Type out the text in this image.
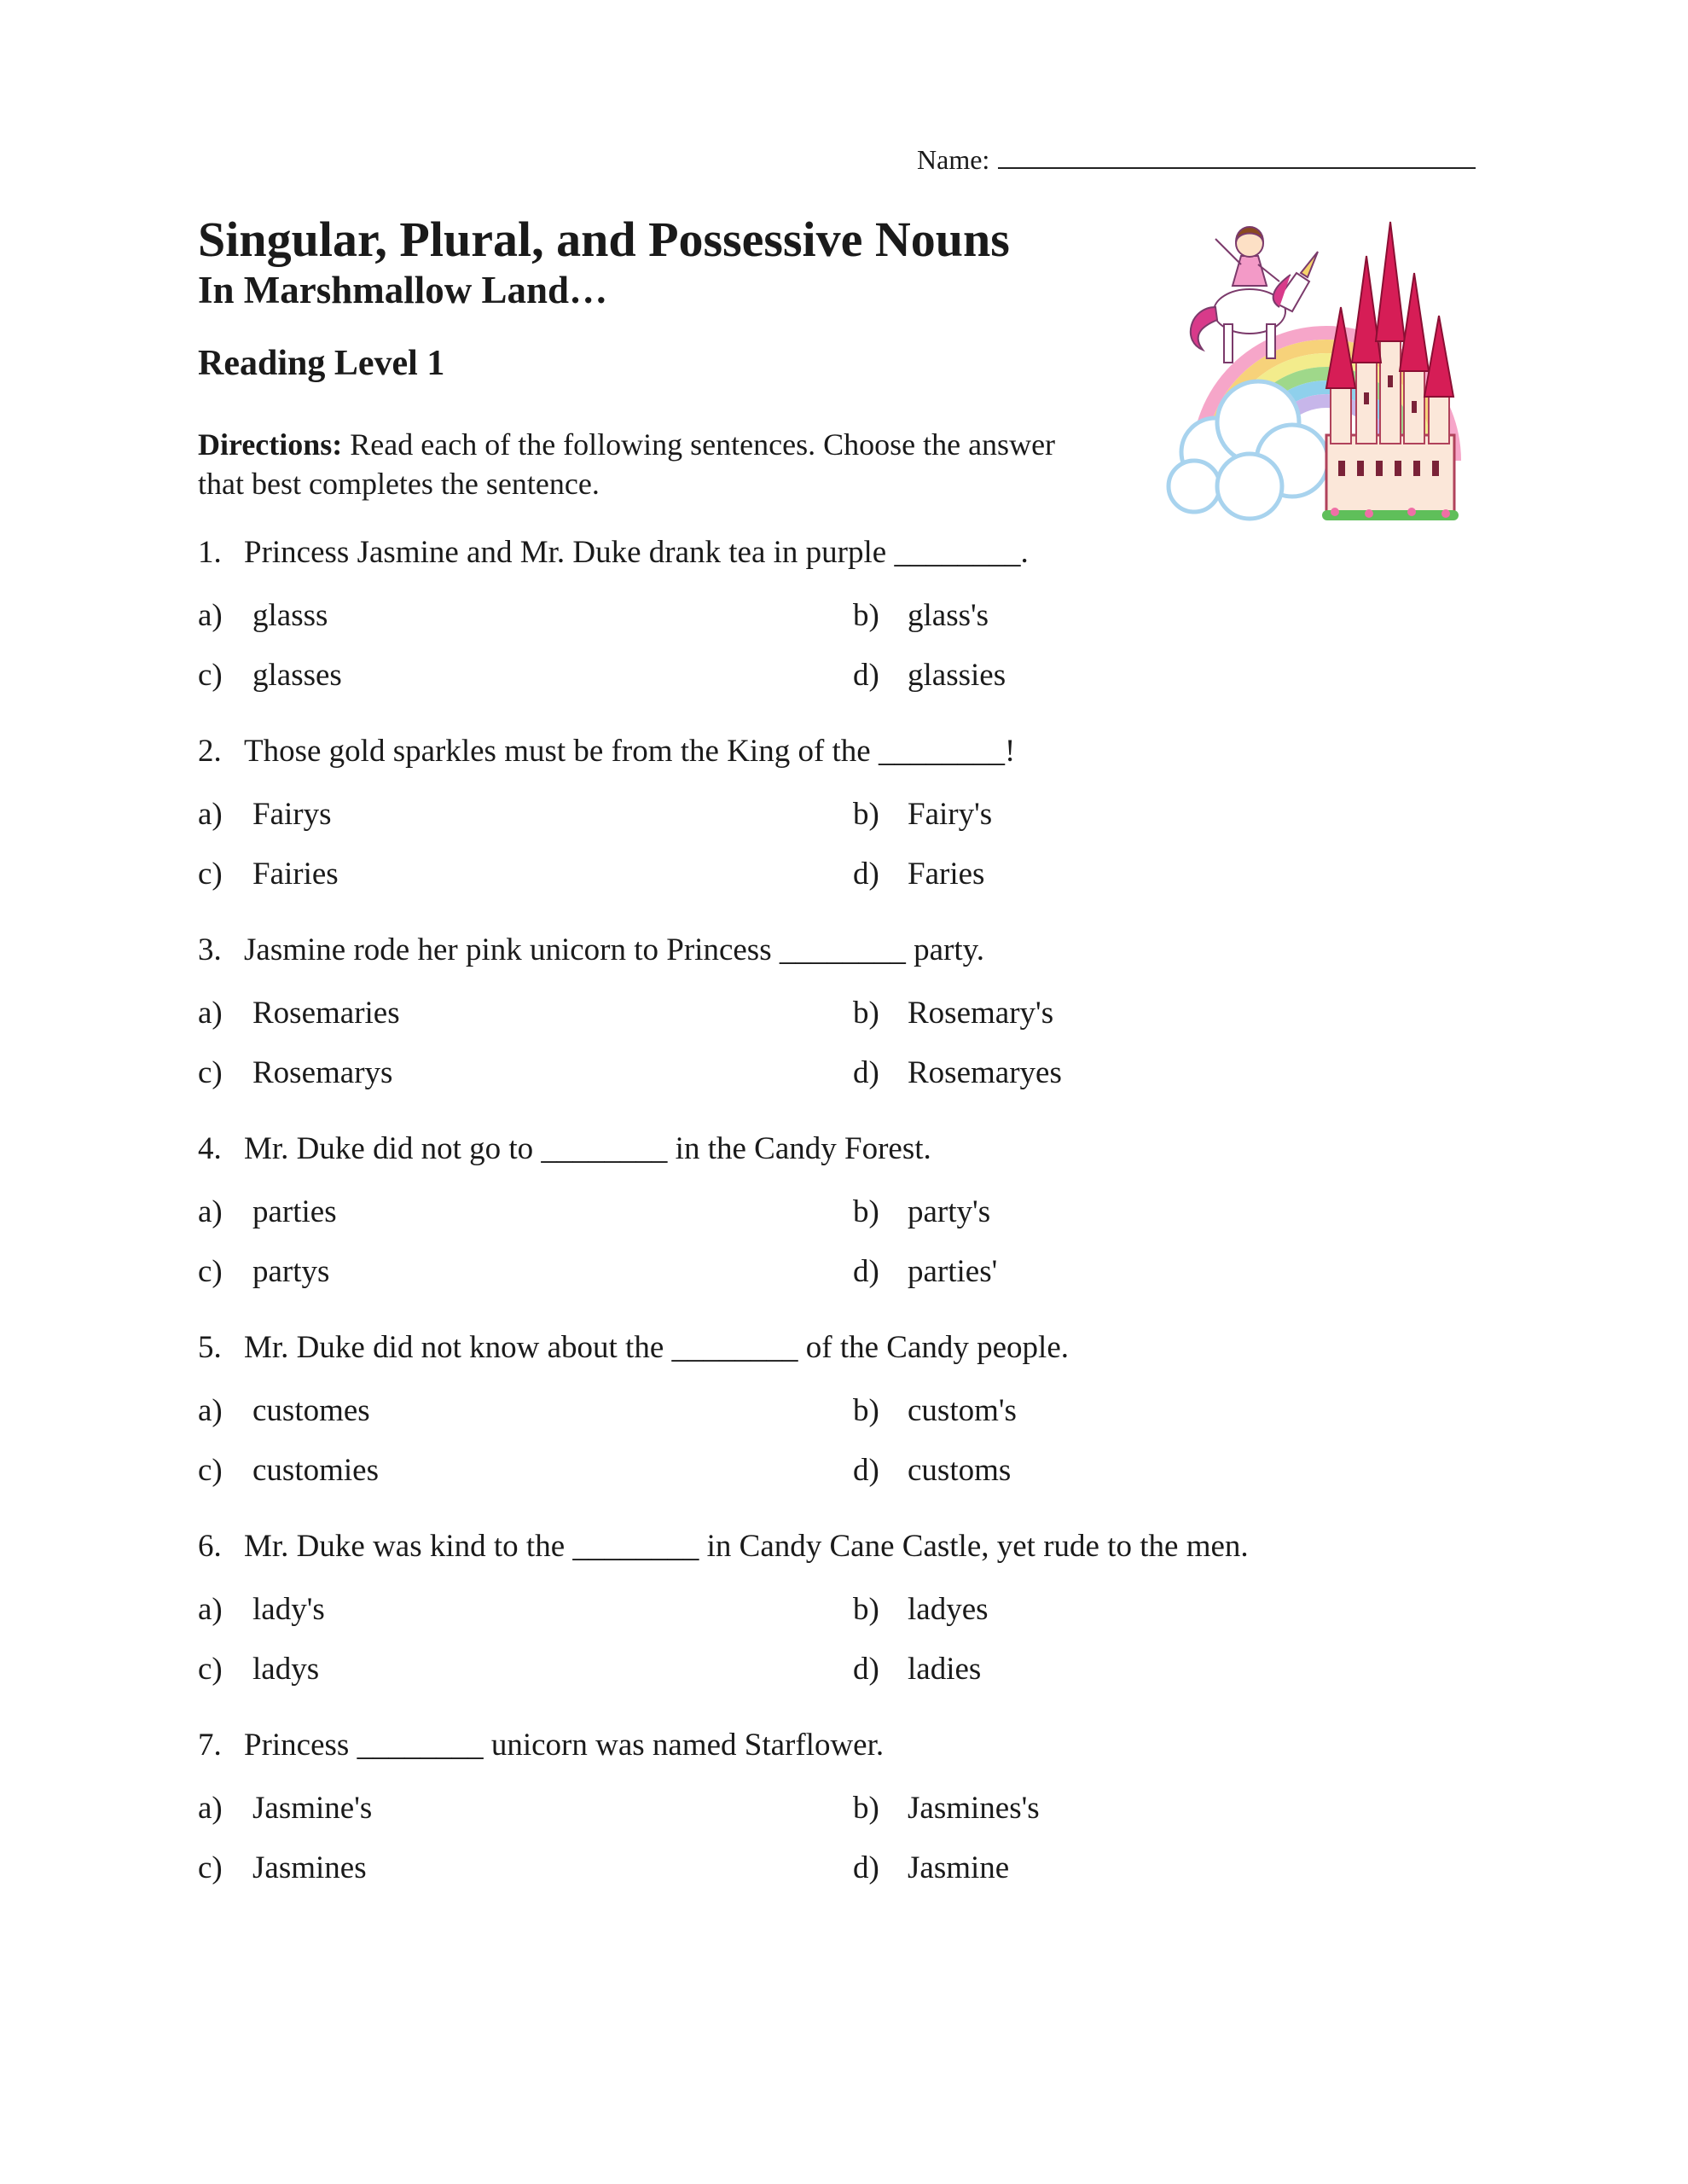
Name:
Singular, Plural, and Possessive Nouns
In Marshmallow Land…
Reading Level 1
Directions: Read each of the following sentences. Choose the answer
that best completes the sentence.
1. Princess Jasmine and Mr. Duke drank tea in purple ________.
a) glasss	b) glass's
c) glasses	d) glassies
2. Those gold sparkles must be from the King of the ________!
a) Fairys	b) Fairy's
c) Fairies	d) Faries
3. Jasmine rode her pink unicorn to Princess ________ party.
a) Rosemaries	b) Rosemary's
c) Rosemarys	d) Rosemaryes
4. Mr. Duke did not go to ________ in the Candy Forest.
a) parties	b) party's
c) partys	d) parties'
5. Mr. Duke did not know about the ________ of the Candy people.
a) customes	b) custom's
c) customies	d) customs
6. Mr. Duke was kind to the ________ in Candy Cane Castle, yet rude to the men.
a) lady's	b) ladyes
c) ladys	d) ladies
7. Princess ________ unicorn was named Starflower.
a) Jasmine's	b) Jasmines's
c) Jasmines	d) Jasmine
